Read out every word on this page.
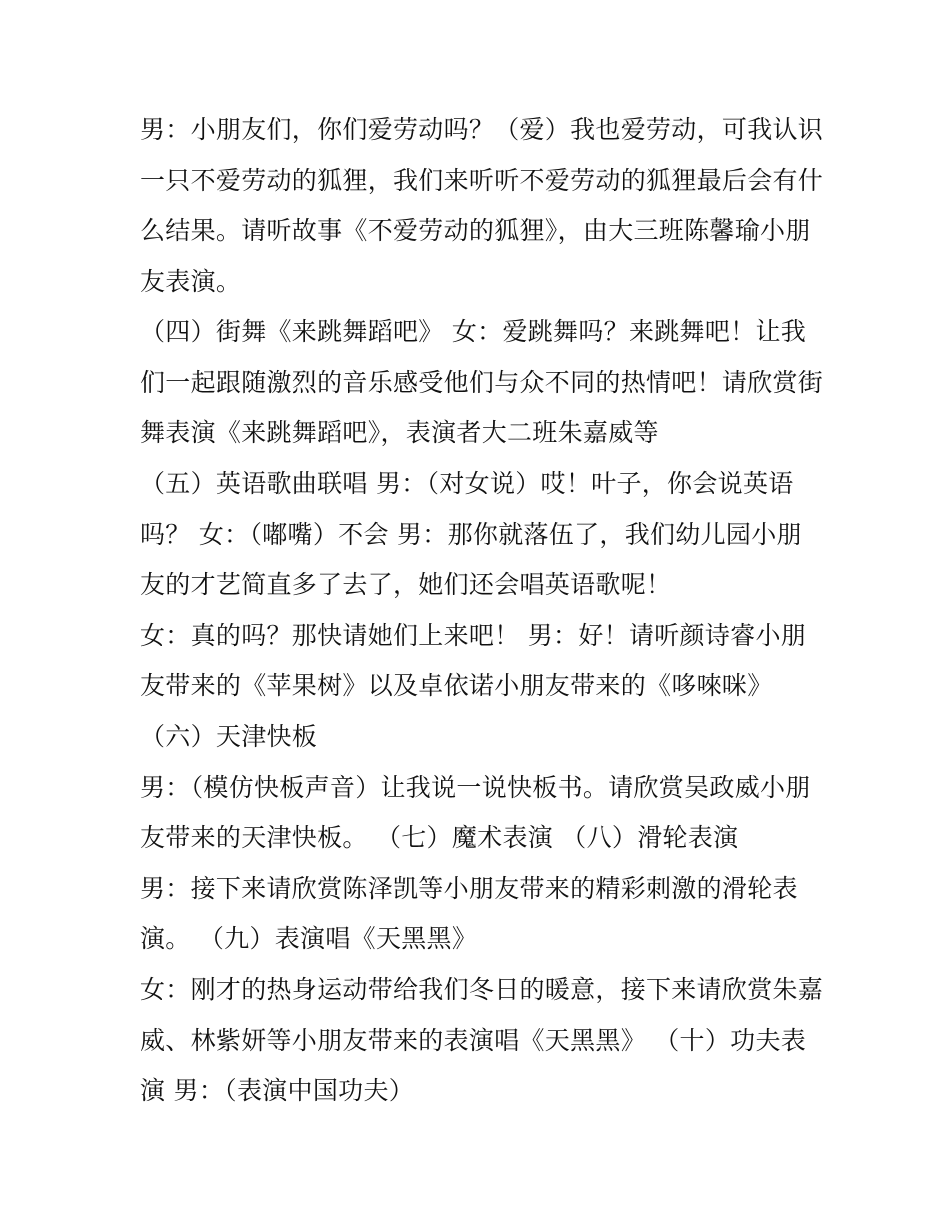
男：小朋友们，你们爱劳动吗？（爱）我也爱劳动，可我认识
一只不爱劳动的狐狸，我们来听听不爱劳动的狐狸最后会有什
么结果。请听故事《不爱劳动的狐狸》，由大三班陈馨瑜小朋
友表演。
（四）街舞《来跳舞蹈吧》 女：爱跳舞吗？来跳舞吧！让我
们一起跟随激烈的音乐感受他们与众不同的热情吧！请欣赏街
舞表演《来跳舞蹈吧》，表演者大二班朱嘉威等
（五）英语歌曲联唱 男：（对女说）哎！叶子，你会说英语
吗？ 女：（嘟嘴）不会 男：那你就落伍了，我们幼儿园小朋
友的才艺简直多了去了，她们还会唱英语歌呢！
女：真的吗？那快请她们上来吧！ 男：好！请听颜诗睿小朋
友带来的《苹果树》以及卓依诺小朋友带来的《哆唻咪》
（六）天津快板
男：（模仿快板声音）让我说一说快板书。请欣赏吴政威小朋
友带来的天津快板。 （七）魔术表演 （八）滑轮表演
男：接下来请欣赏陈泽凯等小朋友带来的精彩刺激的滑轮表
演。 （九）表演唱《天黑黑》
女：刚才的热身运动带给我们冬日的暖意，接下来请欣赏朱嘉
威、林紫妍等小朋友带来的表演唱《天黑黑》 （十）功夫表
演 男：（表演中国功夫）
